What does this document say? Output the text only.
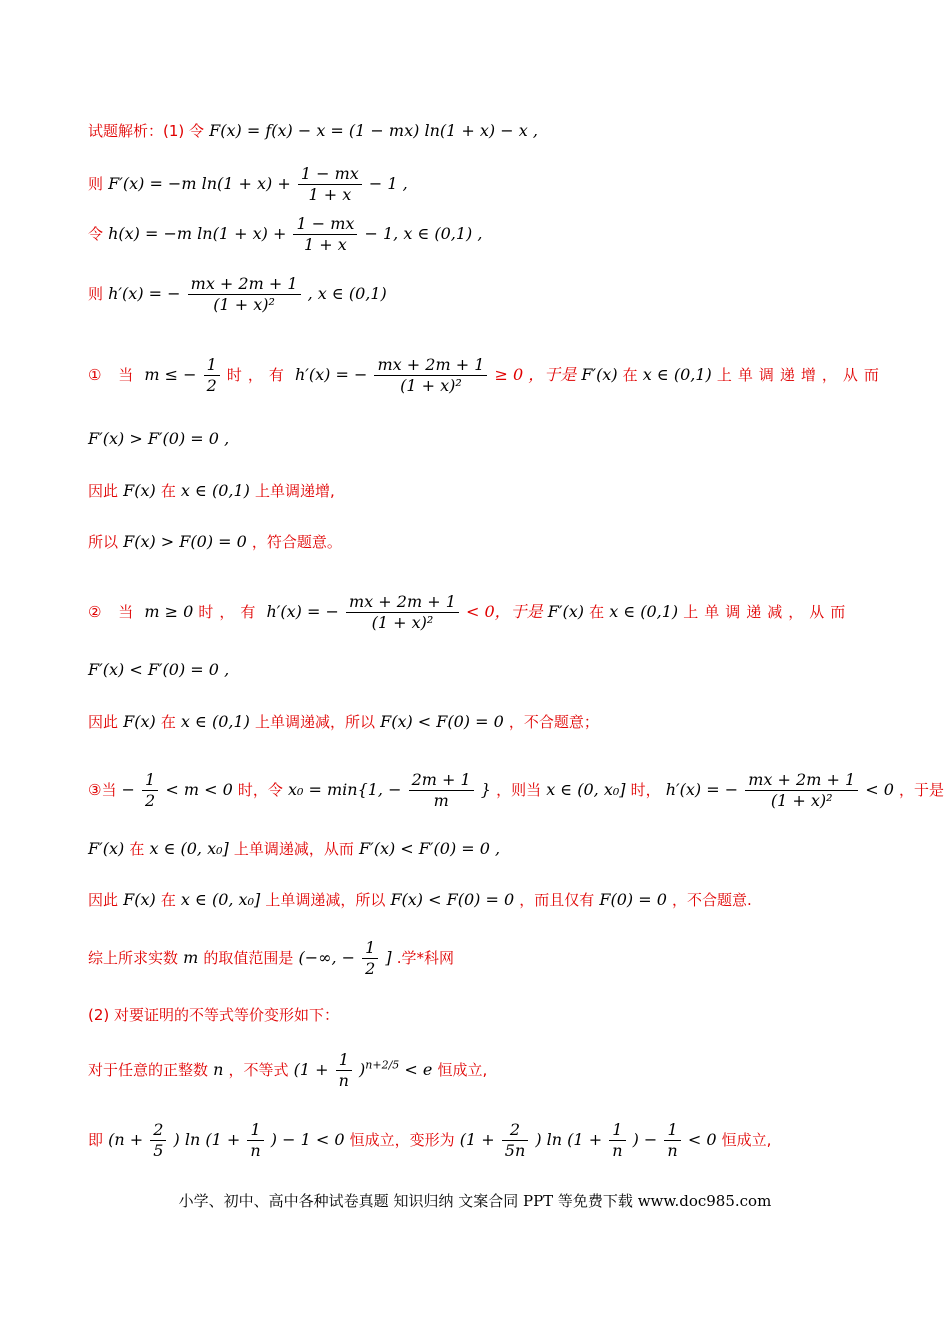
试题解析：(1) 令 F(x) = f(x) − x = (1 − mx) ln(1 + x) − x ,
则 F′(x) = −m $\ln(1 + x) + \frac{1 - mx}{1 + x} - 1$ ,
令 h(x) = −m $\ln(1 + x) + \frac{1 - mx}{1 + x} - 1$, x ∈ (0,1) ,
则 h′(x) = − $\frac{mx + 2m + 1}{\text{(1 + x)²}}$ , x ∈ (0,1)
① 当 m ≤ − $\frac{1}{2}$ 时，有 h′(x) = − $\frac{mx + 2m + 1}{\text{(1 + x)²}} \ge 0$ ，于是 F′(x) 在 x ∈ (0,1) 上单调递增，从而
F′(x) > F′(0) = 0 ,
因此 F(x) 在 x ∈ (0,1) 上单调递增,
所以 F(x) > F(0) = 0 ，符合题意。
② 当 m ≥ 0 时，有 h′(x) = − $\frac{mx + 2m + 1}{\text{(1 + x)²}} < 0$，于是 F′(x) 在 x ∈ (0,1) 上单调递减，从而
F′(x) < F′(0) = 0 ,
因此 F(x) 在 x ∈ (0,1) 上单调递减，所以 F(x) < F(0) = 0 ，不合题意；
③当 − $\frac{1}{2} < m < 0$ 时，令 x₀ = min{1, − $\frac{2m + 1}{m}$ } ，则当 x ∈ (0, x₀] 时， h′(x) = − $\frac{mx + 2m + 1}{\text{(1 + x)²}} < 0$ ，于是
F′(x) 在 x ∈ (0, x₀] 上单调递减，从而 F′(x) < F′(0) = 0 ,
因此 F(x) 在 x ∈ (0, x₀] 上单调递减，所以 F(x) < F(0) = 0 ，而且仅有 F(0) = 0 ，不合题意.
综上所求实数 m 的取值范围是 (−∞, − $\frac{1}{2}$ ] .学*科网
(2) 对要证明的不等式等价变形如下：
对于任意的正整数 n ，不等式 $(1 + \frac{1}{n} )^{n+2/5} < e$ 恒成立,
即 ($n + \frac{2}{5}$ ) $\ln (1 + \frac{1}{n}$ ) − 1 < 0 恒成立，变形为 ($1 + \frac{2}{5n}$ ) $\ln (1 + \frac{1}{n}$ ) − $\frac{1}{n} < 0$ 恒成立,
小学、初中、高中各种试卷真题 知识归纳 文案合同 PPT 等免费下载 www.doc985.com
